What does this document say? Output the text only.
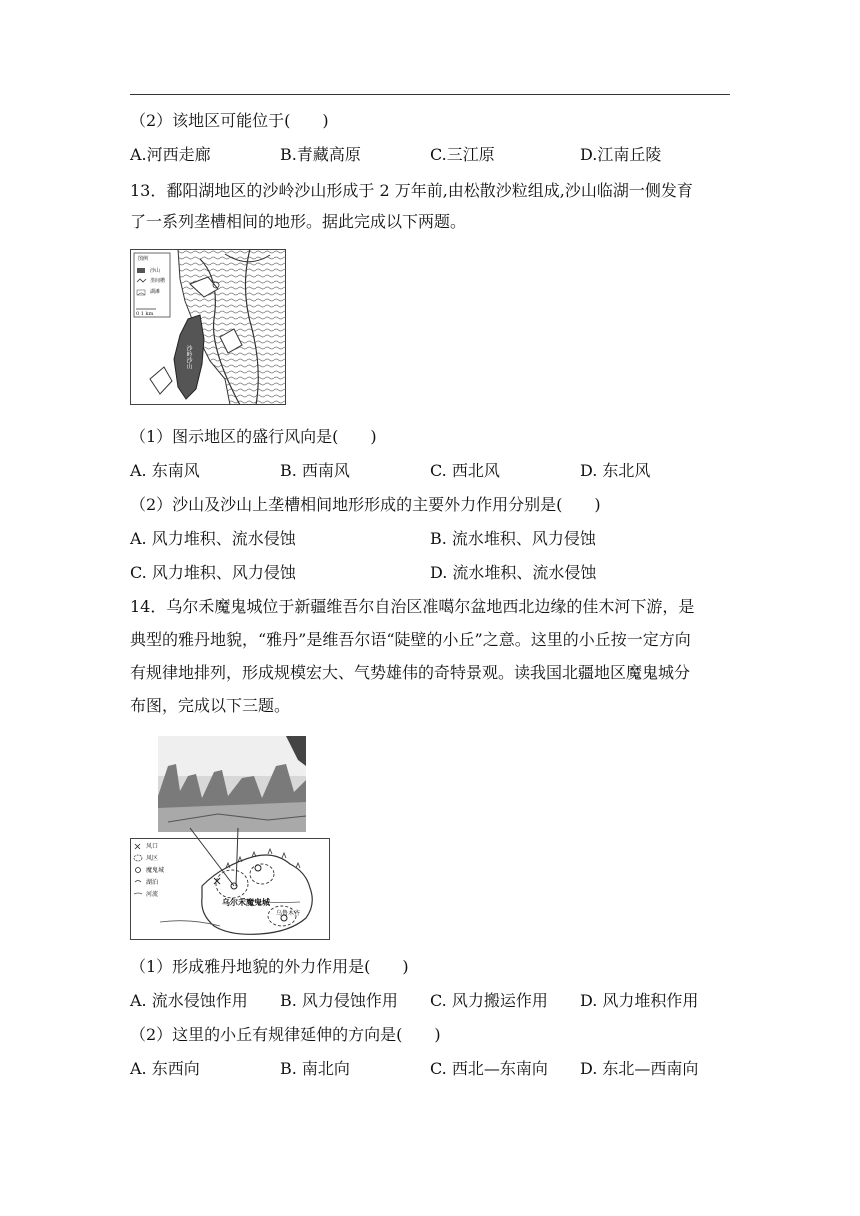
（2）该地区可能位于(　　)
A.河西走廊	B.青藏高原	C.三江原	D.江南丘陵
13．鄱阳湖地区的沙岭沙山形成于 2 万年前,由松散沙粒组成,沙山临湖一侧发育
了一系列垄槽相间的地形。据此完成以下两题。
图例
沙山
垄间槽
湖滩
0 1 km
沙岭沙山
（1）图示地区的盛行风向是(　　)
A. 东南风	B. 西南风	C. 西北风	D. 东北风
（2）沙山及沙山上垄槽相间地形形成的主要外力作用分别是(　　)
A. 风力堆积、流水侵蚀	B. 流水堆积、风力侵蚀
C. 风力堆积、风力侵蚀	D. 流水堆积、流水侵蚀
14．乌尔禾魔鬼城位于新疆维吾尔自治区准噶尔盆地西北边缘的佳木河下游，是
典型的雅丹地貌，“雅丹”是维吾尔语“陡壁的小丘”之意。这里的小丘按一定方向
有规律地排列，形成规模宏大、气势雄伟的奇特景观。读我国北疆地区魔鬼城分
布图，完成以下三题。
风口
风区
魔鬼城
湖泊
河流
乌尔禾魔鬼城
乌鲁木齐
（1）形成雅丹地貌的外力作用是(　　)
A. 流水侵蚀作用 B. 风力侵蚀作用 C. 风力搬运作用 D. 风力堆积作用
（2）这里的小丘有规律延伸的方向是(　　)
A. 东西向	B. 南北向	C. 西北—东南向 D. 东北—西南向
